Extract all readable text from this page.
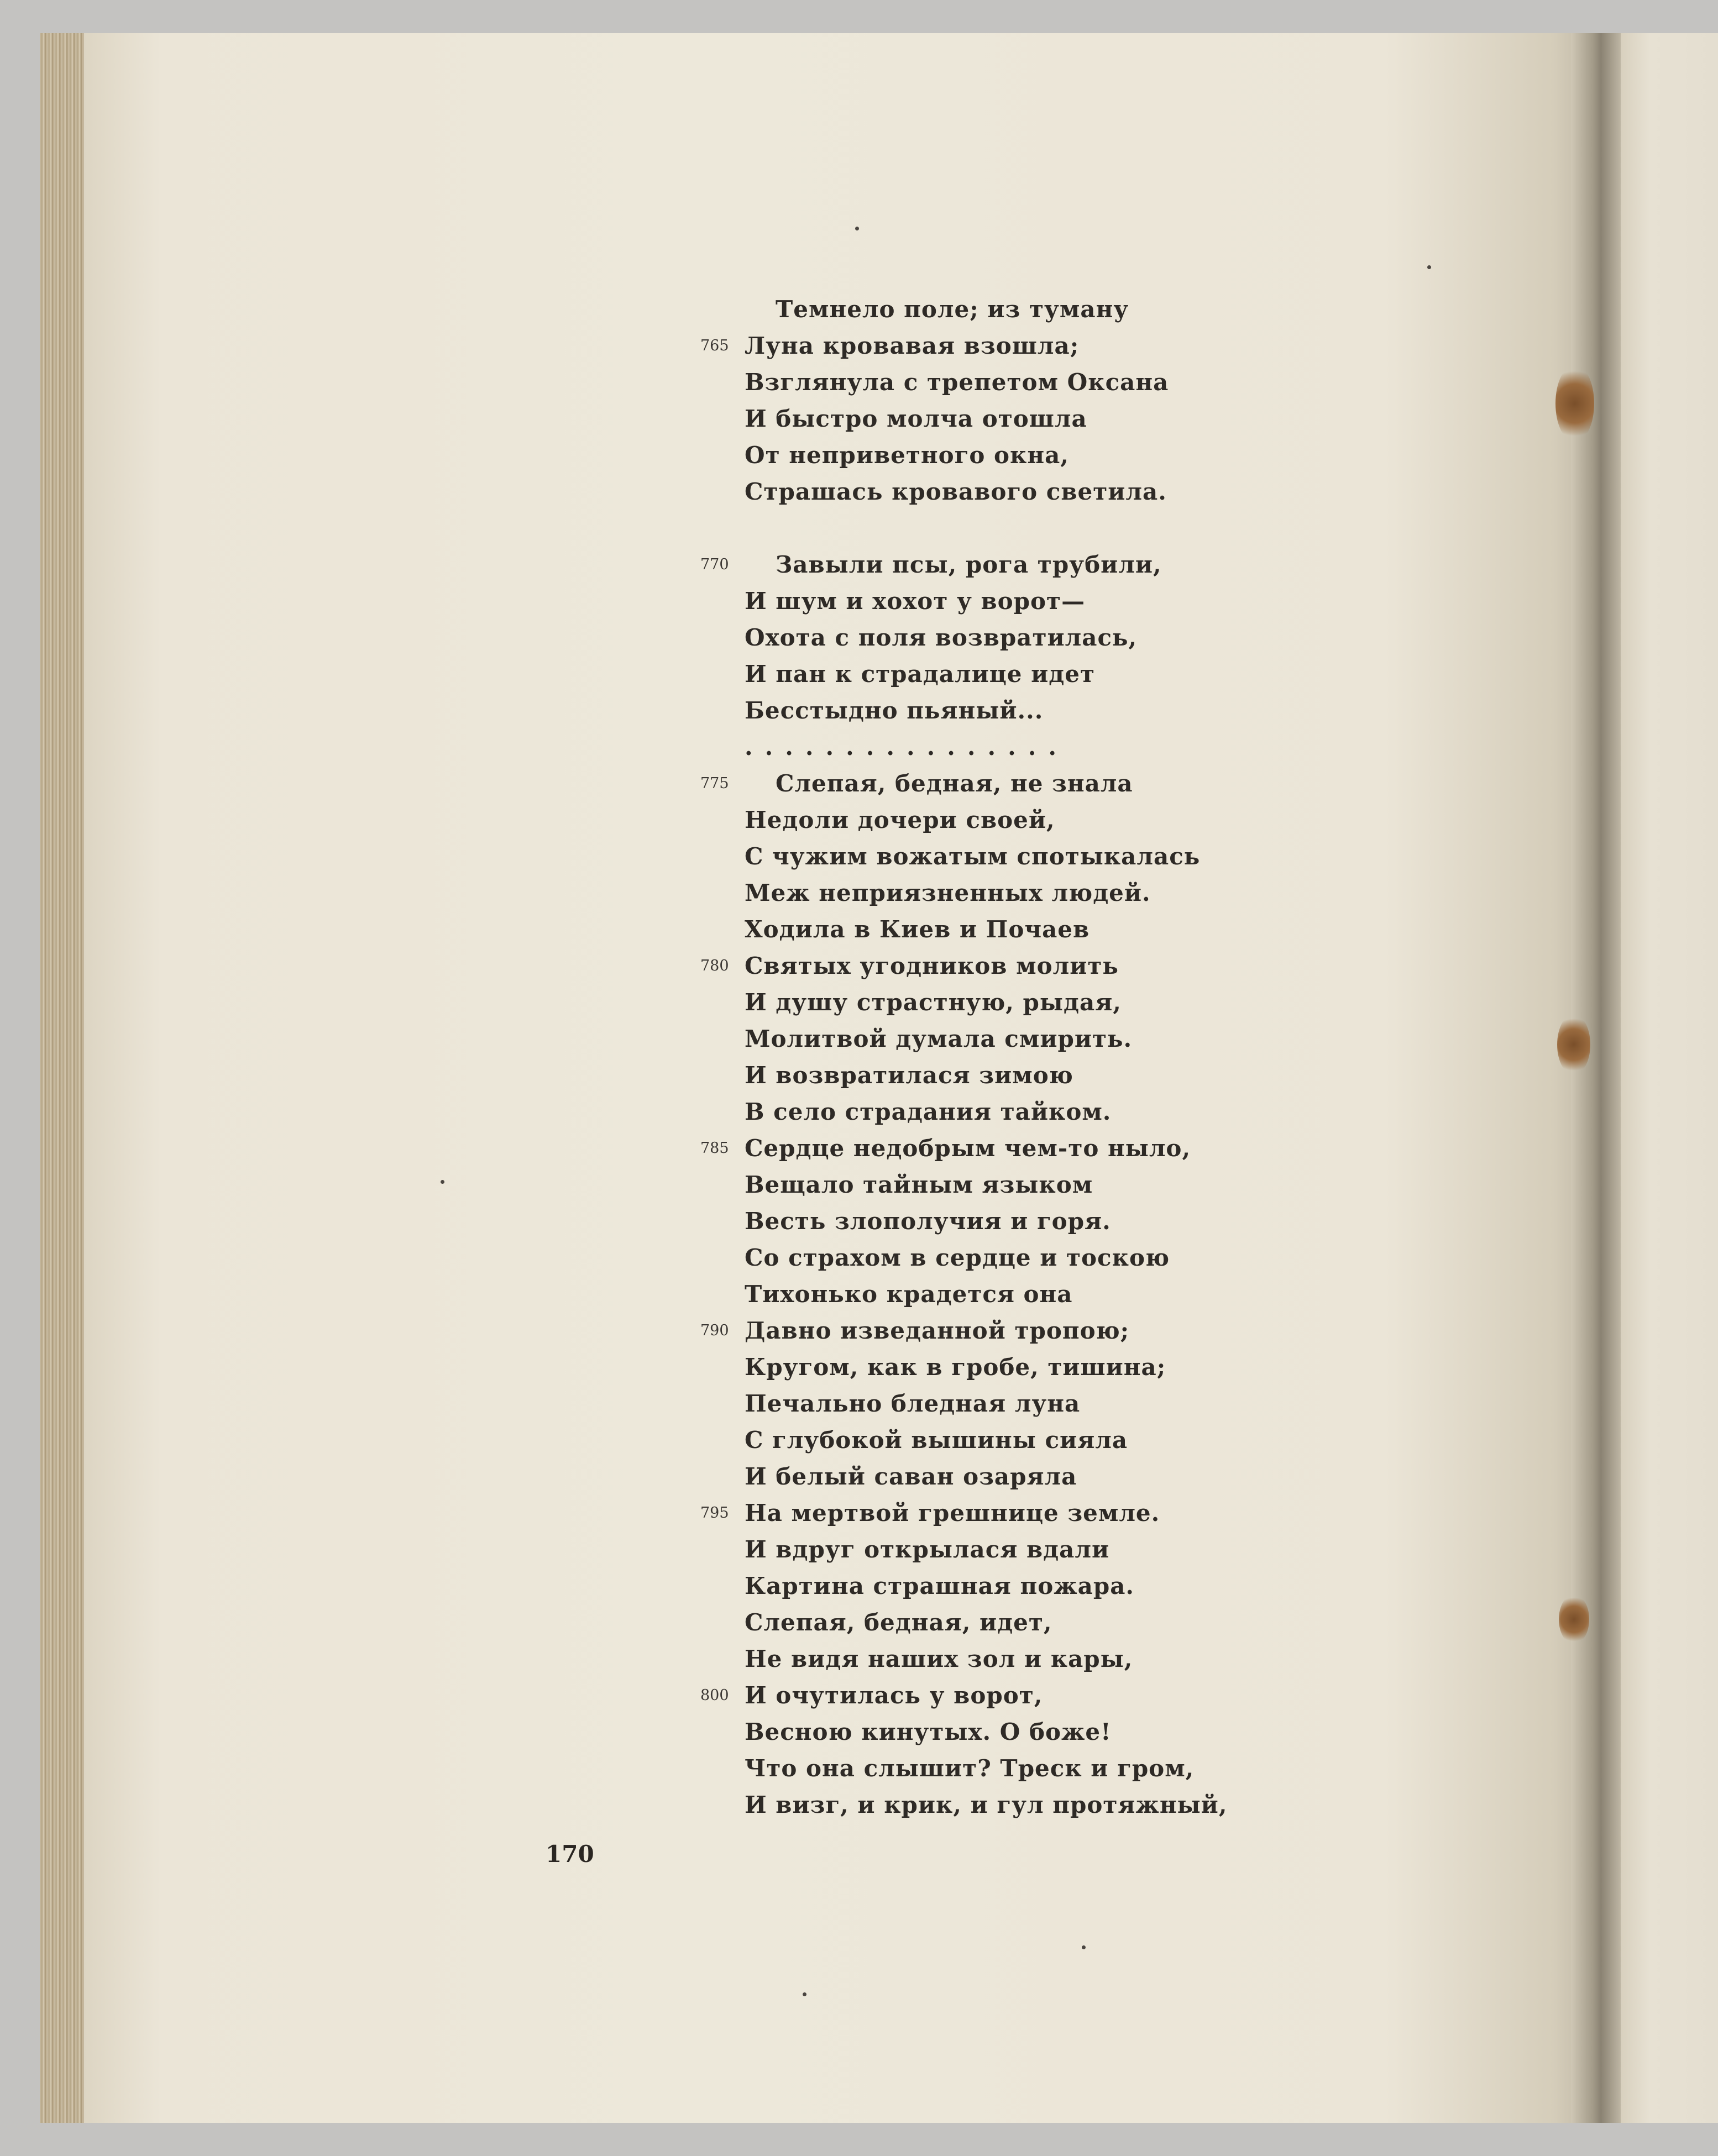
Темнело поле; из туману
765 Луна кровавая взошла;
Взглянула с трепетом Оксана
И быстро молча отошла
От неприветного окна,
Страшась кровавого светила.
770	Завыли псы, рога трубили,
И шум и хохот у ворот—
Охота с поля возвратилась,
И пан к страдалице идет
Бесстыдно пьяный...
................
775	Слепая, бедная, не знала
Недоли дочери своей,
С чужим вожатым спотыкалась
Меж неприязненных людей.
Ходила в Киев и Почаев
780 Святых угодников молить
И душу страстную, рыдая,
Молитвой думала смирить.
И возвратилася зимою
В село страдания тайком.
785 Сердце недобрым чем-то ныло,
Вещало тайным языком
Весть злополучия и горя.
Со страхом в сердце и тоскою
Тихонько крадется она
790 Давно изведанной тропою;
Кругом, как в гробе, тишина;
Печально бледная луна
С глубокой вышины сияла
И белый саван озаряла
795 На мертвой грешнице земле.
И вдруг открылася вдали
Картина страшная пожара.
Слепая, бедная, идет,
Не видя наших зол и кары,
800 И очутилась у ворот,
Весною кинутых. О боже!
Что она слышит? Треск и гром,
И визг, и крик, и гул протяжный,
170
